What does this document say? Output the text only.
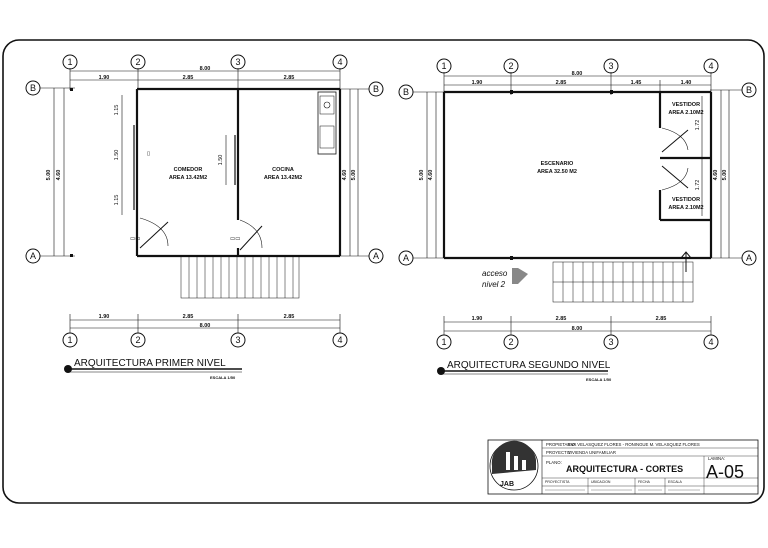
1	2	3	4
1	2	3	4
B
A
B
A
8.00
1.90	2.85	2.85
5.00 4.60	4.60 5.00
▭▭	▭▭
1.15
1.50
1.15
1.50
▯
COMEDOR
AREA 13.42M2
COCINA
AREA 13.42M2
1.90	2.85	2.85
8.00
ARQUITECTURA PRIMER NIVEL
ESCALA 1/50
1	2	3	4
1	2	3	4
B
A
B
A
8.00
1.90	2.85	1.45	1.40
5.00 4.60	4.60 5.00
1.72
1.72
ESCENARIO
AREA 32.50 M2
VESTIDOR
AREA 2.10M2
VESTIDOR
AREA 2.10M2
acceso
nivel 2
1.90	2.85	2.85
8.00
ARQUITECTURA SEGUNDO NIVEL
ESCALA 1/50
JAB
PROPIETARIO:
EVA VELASQUEZ FLORES - RONINGUE M. VELASQUEZ FLORES
PROYECTO:
VIVIENDA UNIFAMILIAR
PLANO:
ARQUITECTURA - CORTES
LAMINA:
A-05
PROYECTISTA	UBICACION	FECHA	ESCALA
